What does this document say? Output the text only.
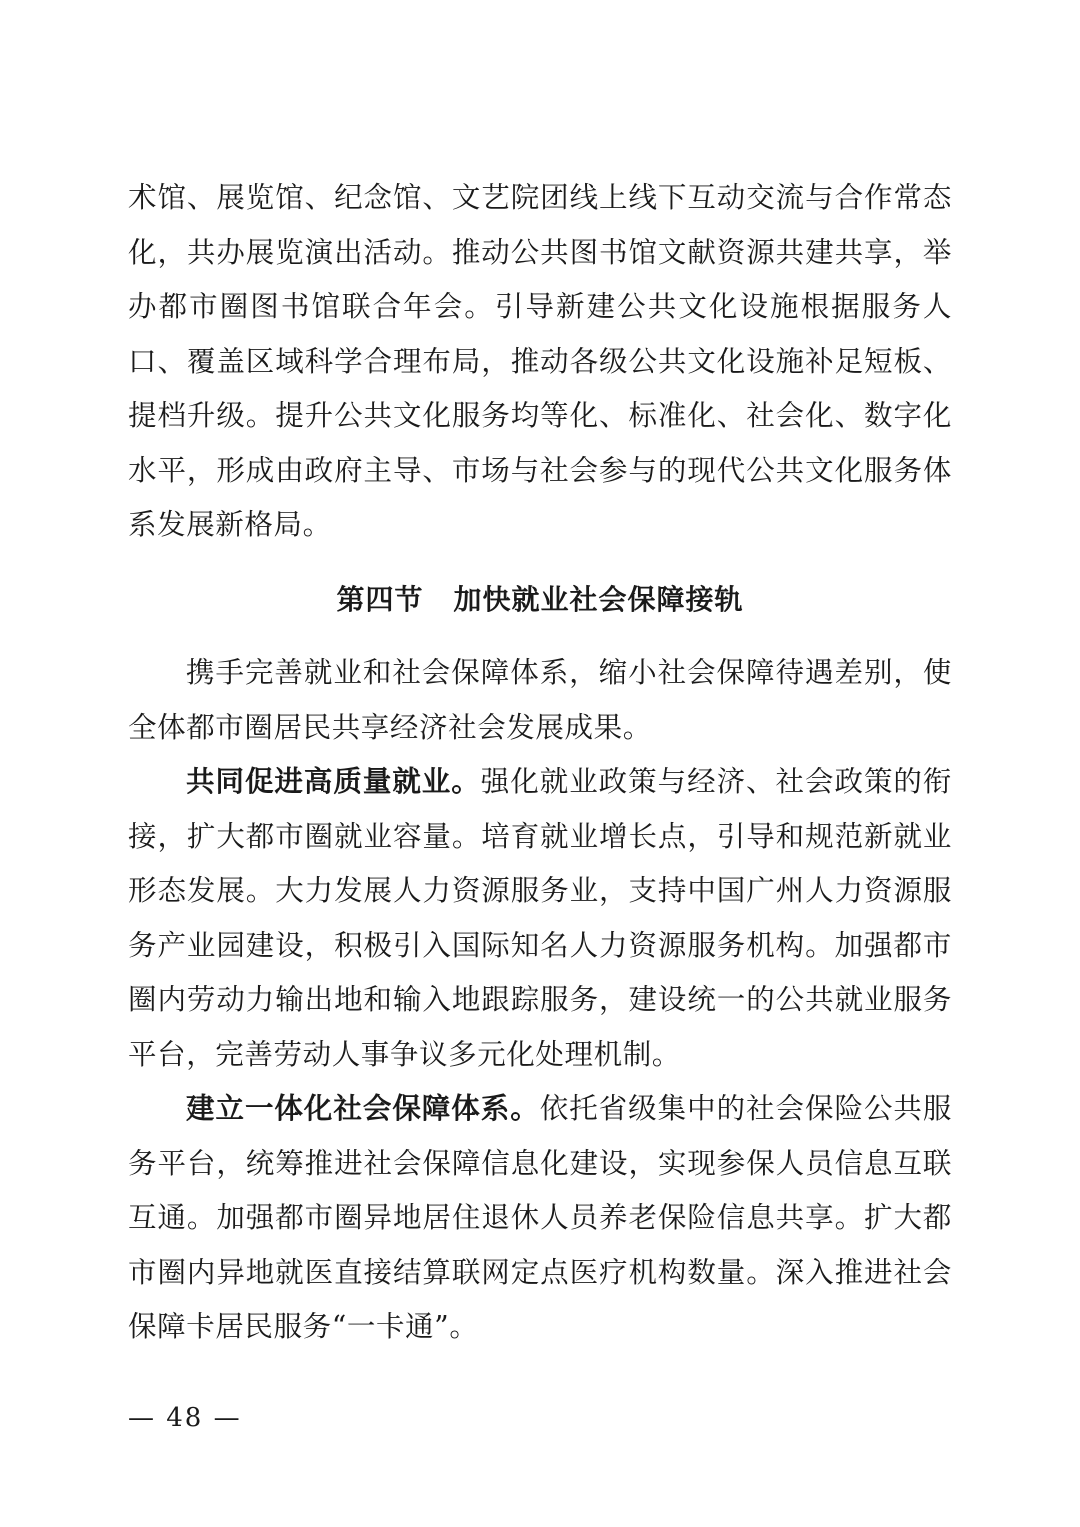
术馆、展览馆、纪念馆、文艺院团线上线下互动交流与合作常态化，共办展览演出活动。推动公共图书馆文献资源共建共享，举办都市圈图书馆联合年会。引导新建公共文化设施根据服务人口、覆盖区域科学合理布局，推动各级公共文化设施补足短板、提档升级。提升公共文化服务均等化、标准化、社会化、数字化水平，形成由政府主导、市场与社会参与的现代公共文化服务体系发展新格局。

第四节 加快就业社会保障接轨

携手完善就业和社会保障体系，缩小社会保障待遇差别，使全体都市圈居民共享经济社会发展成果。

共同促进高质量就业。强化就业政策与经济、社会政策的衔接，扩大都市圈就业容量。培育就业增长点，引导和规范新就业形态发展。大力发展人力资源服务业，支持中国广州人力资源服务产业园建设，积极引入国际知名人力资源服务机构。加强都市圈内劳动力输出地和输入地跟踪服务，建设统一的公共就业服务平台，完善劳动人事争议多元化处理机制。

建立一体化社会保障体系。依托省级集中的社会保险公共服务平台，统筹推进社会保障信息化建设，实现参保人员信息互联互通。加强都市圈异地居住退休人员养老保险信息共享。扩大都市圈内异地就医直接结算联网定点医疗机构数量。深入推进社会保障卡居民服务“一卡通”。

— 48 —
